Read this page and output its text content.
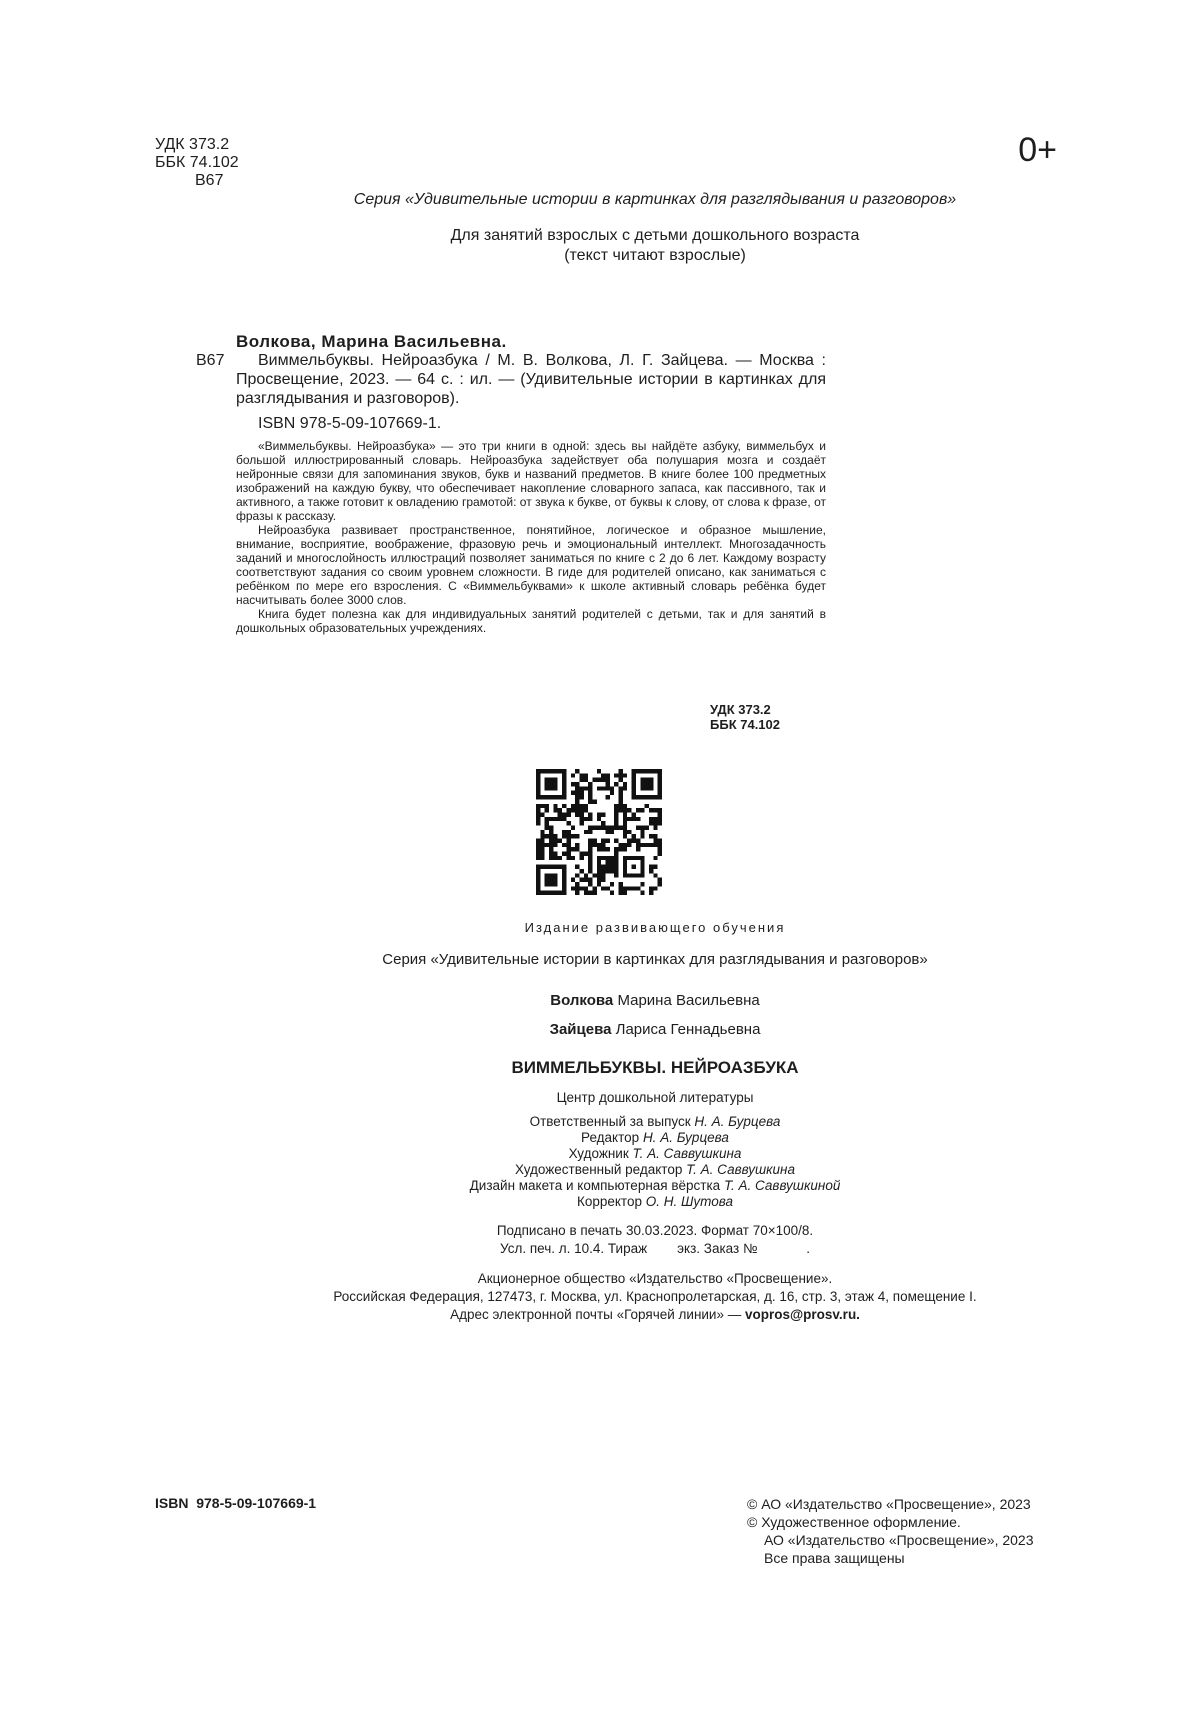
УДК 373.2
ББК 74.102
В67
0+
Серия «Удивительные истории в картинках для разглядывания и разговоров»
Для занятий взрослых с детьми дошкольного возраста
(текст читают взрослые)
В67
Волкова, Марина Васильевна.
Виммельбуквы. Нейроазбука / М. В. Волкова, Л. Г. Зайцева. — Москва : Просвещение, 2023. — 64 с. : ил. — (Удивительные истории в картинках для разглядывания и разговоров).
ISBN 978-5-09-107669-1.

«Виммельбуквы. Нейроазбука» — это три книги в одной: здесь вы найдёте азбуку, виммельбух и большой иллюстрированный словарь. Нейроазбука задействует оба полушария мозга и создаёт нейронные связи для запоминания звуков, букв и названий предметов. В книге более 100 предметных изображений на каждую букву, что обеспечивает накопление словарного запаса, как пассивного, так и активного, а также готовит к овладению грамотой: от звука к букве, от буквы к слову, от слова к фразе, от фразы к рассказу.

Нейроазбука развивает пространственное, понятийное, логическое и образное мышление, внимание, восприятие, воображение, фразовую речь и эмоциональный интеллект. Многозадачность заданий и многослойность иллюстраций позволяет заниматься по книге с 2 до 6 лет. Каждому возрасту соответствуют задания со своим уровнем сложности. В гиде для родителей описано, как заниматься с ребёнком по мере его взросления. С «Виммельбуквами» к школе активный словарь ребёнка будет насчитывать более 3000 слов.

Книга будет полезна как для индивидуальных занятий родителей с детьми, так и для занятий в дошкольных образовательных учреждениях.

УДК 373.2
ББК 74.102
Издание развивающего обучения
Серия «Удивительные истории в картинках для разглядывания и разговоров»
Волкова Марина Васильевна
Зайцева Лариса Геннадьевна
ВИММЕЛЬБУКВЫ. НЕЙРОАЗБУКА
Центр дошкольной литературы
Ответственный за выпуск Н. А. Бурцева
Редактор Н. А. Бурцева
Художник Т. А. Саввушкина
Художественный редактор Т. А. Саввушкина
Дизайн макета и компьютерная вёрстка Т. А. Саввушкиной
Корректор О. Н. Шутова
Подписано в печать 30.03.2023. Формат 70×100/8.
Усл. печ. л. 10.4. Тираж        экз. Заказ №             .
Акционерное общество «Издательство «Просвещение».
Российская Федерация, 127473, г. Москва, ул. Краснопролетарская, д. 16, стр. 3, этаж 4, помещение I.
Адрес электронной почты «Горячей линии» — vopros@prosv.ru.
ISBN  978-5-09-107669-1	© АО «Издательство «Просвещение», 2023
© Художественное оформление.
АО «Издательство «Просвещение», 2023
Все права защищены
